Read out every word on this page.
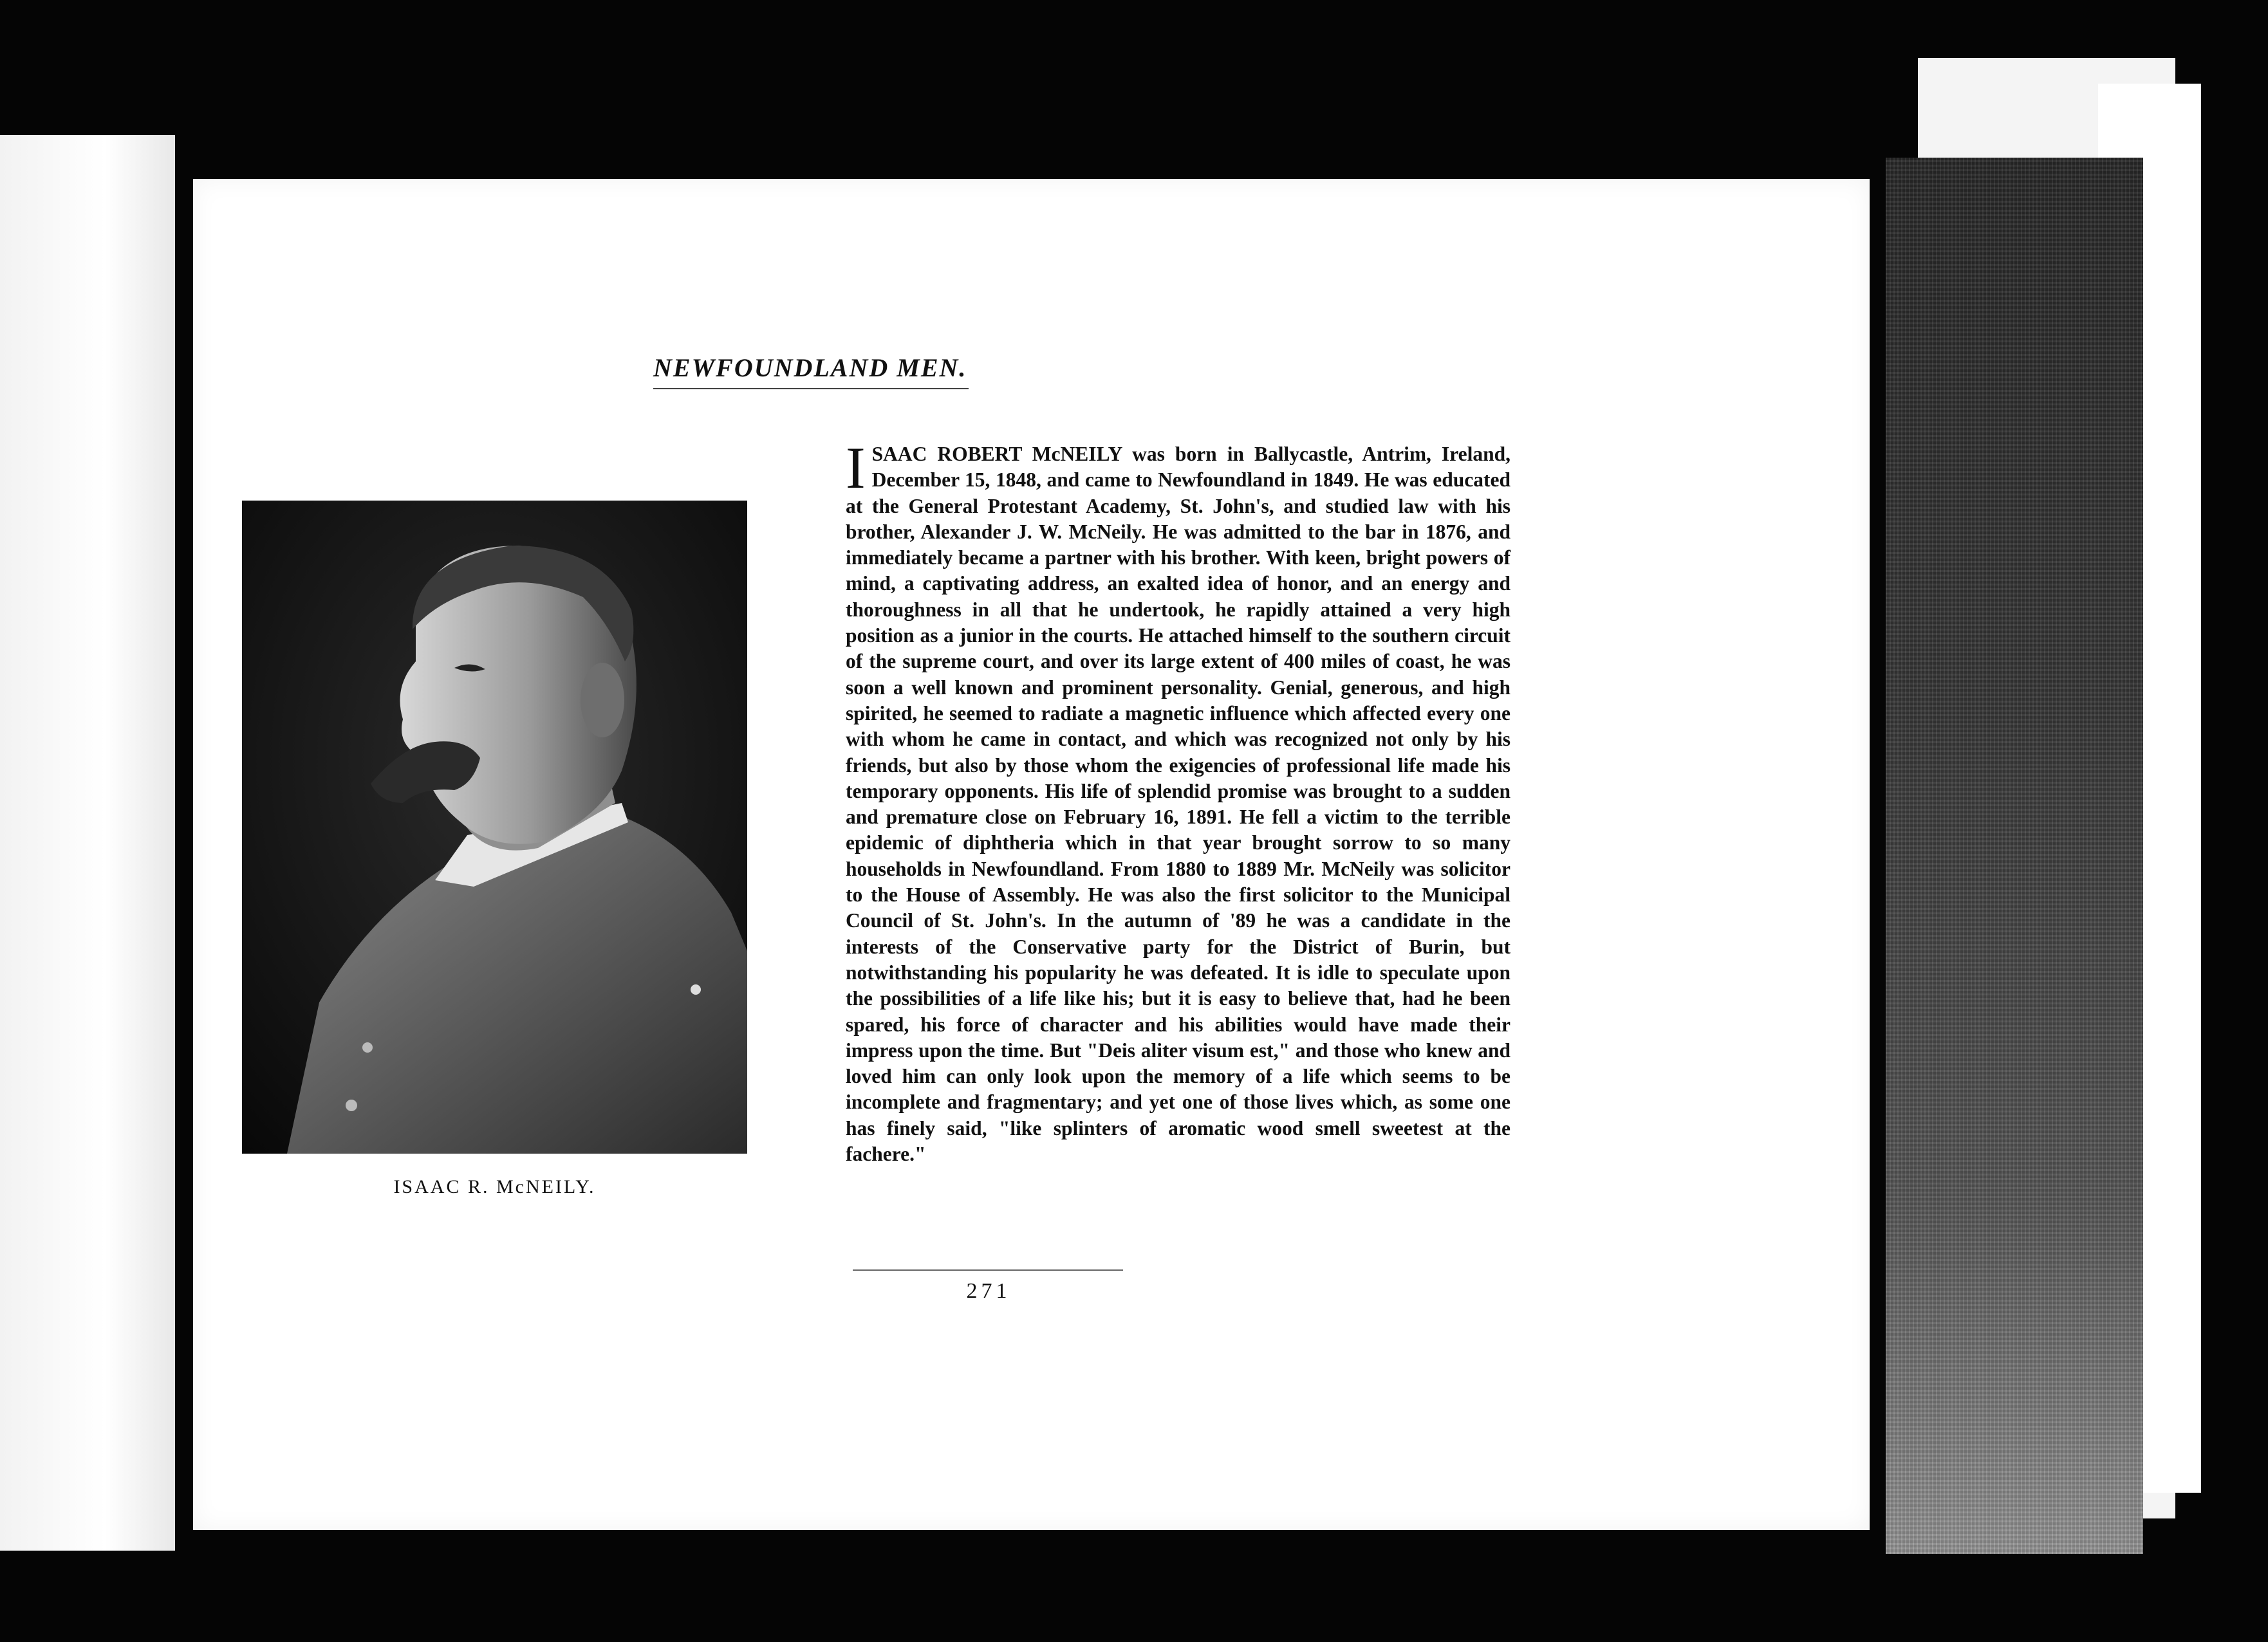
NEWFOUNDLAND MEN.
ISAAC R. McNEILY.
ISAAC ROBERT McNEILY was born in Ballycastle, Antrim, Ireland, December 15, 1848, and came to Newfoundland in 1849. He was educated at the General Protestant Academy, St. John's, and studied law with his brother, Alexander J. W. McNeily. He was admitted to the bar in 1876, and immediately became a partner with his brother. With keen, bright powers of mind, a captivating address, an exalted idea of honor, and an energy and thoroughness in all that he undertook, he rapidly attained a very high position as a junior in the courts. He attached himself to the southern circuit of the supreme court, and over its large extent of 400 miles of coast, he was soon a well known and prominent personality. Genial, generous, and high spirited, he seemed to radiate a magnetic influence which affected every one with whom he came in contact, and which was recognized not only by his friends, but also by those whom the exigencies of professional life made his temporary opponents. His life of splendid promise was brought to a sudden and premature close on February 16, 1891. He fell a victim to the terrible epidemic of diphtheria which in that year brought sorrow to so many households in Newfoundland. From 1880 to 1889 Mr. McNeily was solicitor to the House of Assembly. He was also the first solicitor to the Municipal Council of St. John's. In the autumn of '89 he was a candidate in the interests of the Conservative party for the District of Burin, but notwithstanding his popularity he was defeated. It is idle to speculate upon the possibilities of a life like his; but it is easy to believe that, had he been spared, his force of character and his abilities would have made their impress upon the time. But "Deis aliter visum est," and those who knew and loved him can only look upon the memory of a life which seems to be incomplete and fragmentary; and yet one of those lives which, as some one has finely said, "like splinters of aromatic wood smell sweetest at the fachere."
271
